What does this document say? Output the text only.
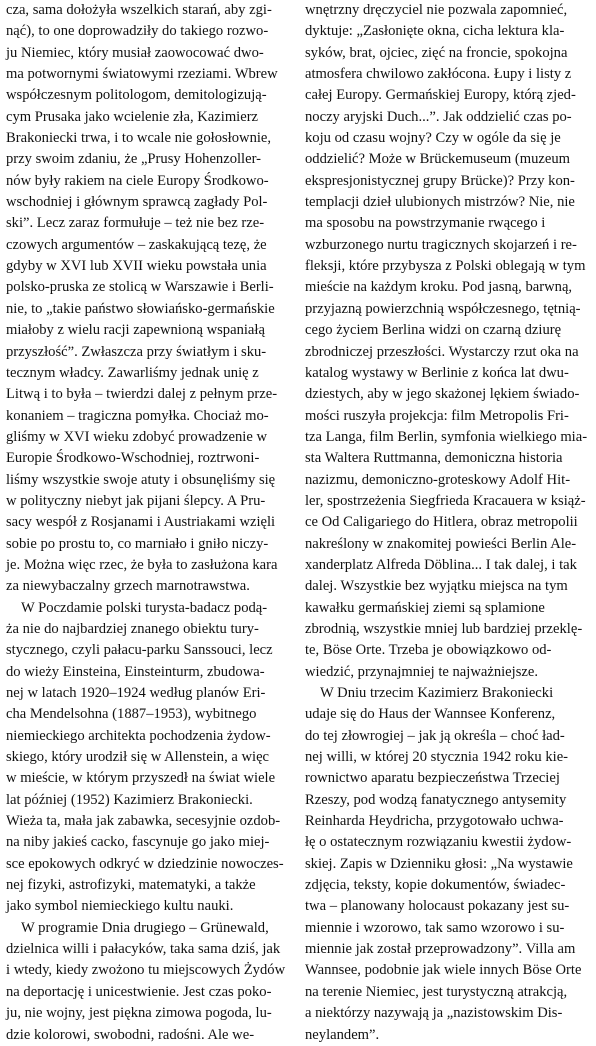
cza, sama dołożyła wszelkich starań, aby zgi-
nąć), to one doprowadziły do takiego rozwo-
ju Niemiec, który musiał zaowocować dwo-
ma potwornymi światowymi rzeziami. Wbrew
współczesnym politologom, demitologizują-
cym Prusaka jako wcielenie zła, Kazimierz
Brakoniecki trwa, i to wcale nie gołosłownie,
przy swoim zdaniu, że „Prusy Hohenzoller-
nów były rakiem na ciele Europy Środkowo-
wschodniej i głównym sprawcą zagłady Pol-
ski”. Lecz zaraz formułuje – też nie bez rze-
czowych argumentów – zaskakującą tezę, że
gdyby w XVI lub XVII wieku powstała unia
polsko-pruska ze stolicą w Warszawie i Berli-
nie, to „takie państwo słowiańsko-germańskie
miałoby z wielu racji zapewnioną wspaniałą
przyszłość”. Zwłaszcza przy światłym i sku-
tecznym władcy. Zawarliśmy jednak unię z
Litwą i to była – twierdzi dalej z pełnym prze-
konaniem – tragiczna pomyłka. Chociaż mo-
gliśmy w XVI wieku zdobyć prowadzenie w
Europie Środkowo-Wschodniej, roztrwoni-
liśmy wszystkie swoje atuty i obsunęliśmy się
w polityczny niebyt jak pijani ślepcy. A Pru-
sacy wespół z Rosjanami i Austriakami wzięli
sobie po prostu to, co marniało i gniło niczy-
je. Można więc rzec, że była to zasłużona kara
za niewybaczalny grzech marnotrawstwa.

W Poczdamie polski turysta-badacz podą-
ża nie do najbardziej znanego obiektu tury-
stycznego, czyli pałacu-parku Sanssouci, lecz
do wieży Einsteina, Einsteinturm, zbudowa-
nej w latach 1920–1924 według planów Eri-
cha Mendelsohna (1887–1953), wybitnego
niemieckiego architekta pochodzenia żydow-
skiego, który urodził się w Allenstein, a więc
w mieście, w którym przyszedł na świat wiele
lat później (1952) Kazimierz Brakoniecki.
Wieża ta, mała jak zabawka, secesyjnie ozdob-
na niby jakieś cacko, fascynuje go jako miej-
sce epokowych odkryć w dziedzinie nowoczes-
nej fizyki, astrofizyki, matematyki, a także
jako symbol niemieckiego kultu nauki.

W programie Dnia drugiego – Grünewald,
dzielnica willi i pałacyków, taka sama dziś, jak
i wtedy, kiedy zwożono tu miejscowych Żydów
na deportację i unicestwienie. Jest czas poko-
ju, nie wojny, jest piękna zimowa pogoda, lu-
dzie kolorowi, swobodni, radośni. Ale we-

wnętrzny dręczyciel nie pozwala zapomnieć,
dyktuje: „Zasłonięte okna, cicha lektura kla-
syków, brat, ojciec, zięć na froncie, spokojna
atmosfera chwilowo zakłócona. Łupy i listy z
całej Europy. Germańskiej Europy, którą zjed-
noczy aryjski Duch...”. Jak oddzielić czas po-
koju od czasu wojny? Czy w ogóle da się je
oddzielić? Może w Brückemuseum (muzeum
ekspresjonistycznej grupy Brücke)? Przy kon-
templacji dzieł ulubionych mistrzów? Nie, nie
ma sposobu na powstrzymanie rwącego i
wzburzonego nurtu tragicznych skojarzeń i re-
fleksji, które przybysza z Polski oblegają w tym
mieście na każdym kroku. Pod jasną, barwną,
przyjazną powierzchnią współczesnego, tętnią-
cego życiem Berlina widzi on czarną dziurę
zbrodniczej przeszłości. Wystarczy rzut oka na
katalog wystawy w Berlinie z końca lat dwu-
dziestych, aby w jego skażonej lękiem świado-
mości ruszyła projekcja: film Metropolis Fri-
tza Langa, film Berlin, symfonia wielkiego mia-
sta Waltera Ruttmanna, demoniczna historia
nazizmu, demoniczno-groteskowy Adolf Hit-
ler, spostrzeżenia Siegfrieda Kracauera w książ-
ce Od Caligariego do Hitlera, obraz metropolii
nakreślony w znakomitej powieści Berlin Ale-
xanderplatz Alfreda Döblina... I tak dalej, i tak
dalej. Wszystkie bez wyjątku miejsca na tym
kawałku germańskiej ziemi są splamione
zbrodnią, wszystkie mniej lub bardziej przeklę-
te, Böse Orte. Trzeba je obowiązkowo od-
wiedzić, przynajmniej te najważniejsze.

W Dniu trzecim Kazimierz Brakoniecki
udaje się do Haus der Wannsee Konferenz,
do tej złowrogiej – jak ją określa – choć ład-
nej willi, w której 20 stycznia 1942 roku kie-
rownictwo aparatu bezpieczeństwa Trzeciej
Rzeszy, pod wodzą fanatycznego antysemity
Reinharda Heydricha, przygotowało uchwa-
łę o ostatecznym rozwiązaniu kwestii żydow-
skiej. Zapis w Dzienniku głosi: „Na wystawie
zdjęcia, teksty, kopie dokumentów, świadec-
twa – planowany holocaust pokazany jest su-
miennie i wzorowo, tak samo wzorowo i su-
miennie jak został przeprowadzony”. Villa am
Wannsee, podobnie jak wiele innych Böse Orte
na terenie Niemiec, jest turystyczną atrakcją,
a niektórzy nazywają ja „nazistowskim Dis-
neylandem”.
